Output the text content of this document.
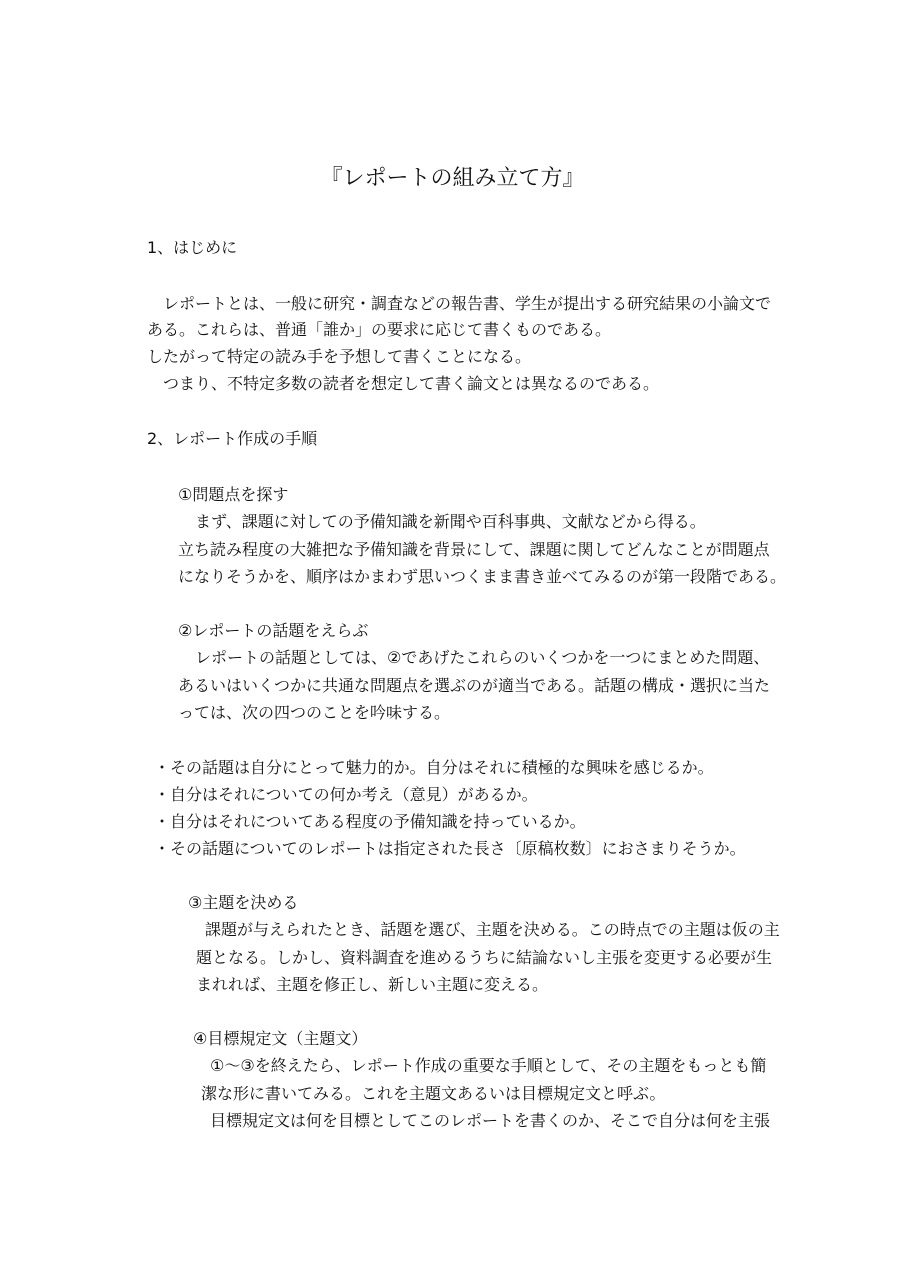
『レポートの組み立て方』
1、はじめに
レポートとは、一般に研究・調査などの報告書、学生が提出する研究結果の小論文で
ある。これらは、普通「誰か」の要求に応じて書くものである。
したがって特定の読み手を予想して書くことになる。
つまり、不特定多数の読者を想定して書く論文とは異なるのである。
2、レポート作成の手順
①問題点を探す
まず、課題に対しての予備知識を新聞や百科事典、文献などから得る。
立ち読み程度の大雑把な予備知識を背景にして、課題に関してどんなことが問題点
になりそうかを、順序はかまわず思いつくまま書き並べてみるのが第一段階である。
②レポートの話題をえらぶ
レポートの話題としては、②であげたこれらのいくつかを一つにまとめた問題、
あるいはいくつかに共通な問題点を選ぶのが適当である。話題の構成・選択に当た
っては、次の四つのことを吟味する。
・その話題は自分にとって魅力的か。自分はそれに積極的な興味を感じるか。
・自分はそれについての何か考え（意見）があるか。
・自分はそれについてある程度の予備知識を持っているか。
・その話題についてのレポートは指定された長さ〔原稿枚数〕におさまりそうか。
③主題を決める
課題が与えられたとき、話題を選び、主題を決める。この時点での主題は仮の主
題となる。しかし、資料調査を進めるうちに結論ないし主張を変更する必要が生
まれれば、主題を修正し、新しい主題に変える。
④目標規定文（主題文）
①〜③を終えたら、レポート作成の重要な手順として、その主題をもっとも簡
潔な形に書いてみる。これを主題文あるいは目標規定文と呼ぶ。
目標規定文は何を目標としてこのレポートを書くのか、そこで自分は何を主張
